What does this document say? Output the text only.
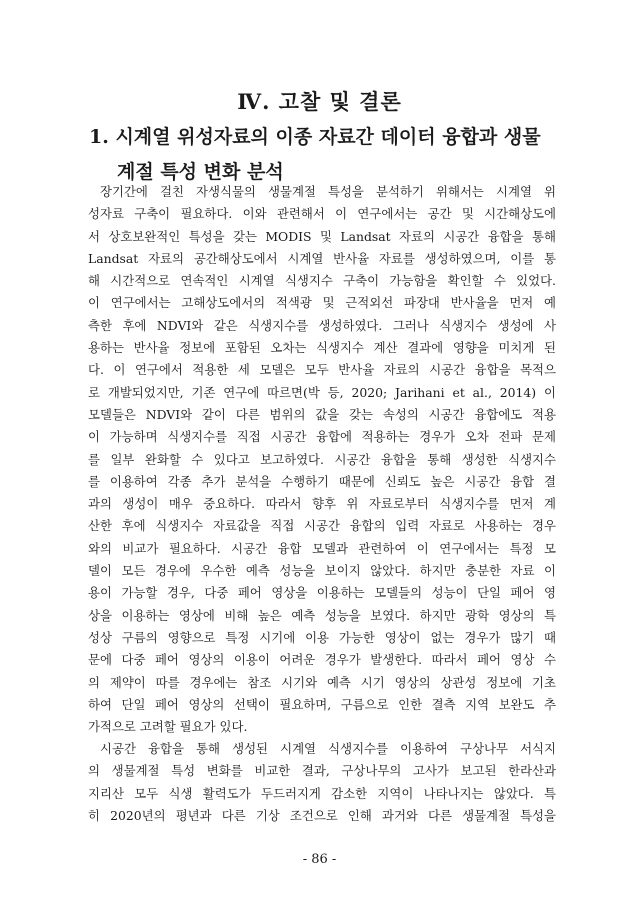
Ⅳ. 고찰 및 결론
1. 시계열 위성자료의 이종 자료간 데이터 융합과 생물
계절 특성 변화 분석

장기간에 걸친 자생식물의 생물계절 특성을 분석하기 위해서는 시계열 위
성자료 구축이 필요하다. 이와 관련해서 이 연구에서는 공간 및 시간해상도에
서 상호보완적인 특성을 갖는 MODIS 및 Landsat 자료의 시공간 융합을 통해
Landsat 자료의 공간해상도에서 시계열 반사율 자료를 생성하였으며, 이를 통
해 시간적으로 연속적인 시계열 식생지수 구축이 가능함을 확인할 수 있었다.
이 연구에서는 고해상도에서의 적색광 및 근적외선 파장대 반사율을 먼저 예
측한 후에 NDVI와 같은 식생지수를 생성하였다. 그러나 식생지수 생성에 사
용하는 반사율 정보에 포함된 오차는 식생지수 계산 결과에 영향을 미치게 된
다. 이 연구에서 적용한 세 모델은 모두 반사율 자료의 시공간 융합을 목적으
로 개발되었지만, 기존 연구에 따르면(박 등, 2020; Jarihani et al., 2014) 이
모델들은 NDVI와 같이 다른 범위의 값을 갖는 속성의 시공간 융합에도 적용
이 가능하며 식생지수를 직접 시공간 융합에 적용하는 경우가 오차 전파 문제
를 일부 완화할 수 있다고 보고하였다. 시공간 융합을 통해 생성한 식생지수
를 이용하여 각종 추가 분석을 수행하기 때문에 신뢰도 높은 시공간 융합 결
과의 생성이 매우 중요하다. 따라서 향후 위 자료로부터 식생지수를 먼저 계
산한 후에 식생지수 자료값을 직접 시공간 융합의 입력 자료로 사용하는 경우
와의 비교가 필요하다. 시공간 융합 모델과 관련하여 이 연구에서는 특정 모
델이 모든 경우에 우수한 예측 성능을 보이지 않았다. 하지만 충분한 자료 이
용이 가능할 경우, 다중 페어 영상을 이용하는 모델들의 성능이 단일 페어 영
상을 이용하는 영상에 비해 높은 예측 성능을 보였다. 하지만 광학 영상의 특
성상 구름의 영향으로 특정 시기에 이용 가능한 영상이 없는 경우가 많기 때
문에 다중 페어 영상의 이용이 어려운 경우가 발생한다. 따라서 페어 영상 수
의 제약이 따를 경우에는 참조 시기와 예측 시기 영상의 상관성 정보에 기초
하여 단일 페어 영상의 선택이 필요하며, 구름으로 인한 결측 지역 보완도 추
가적으로 고려할 필요가 있다.

시공간 융합을 통해 생성된 시계열 식생지수를 이용하여 구상나무 서식지
의 생물계절 특성 변화를 비교한 결과, 구상나무의 고사가 보고된 한라산과
지리산 모두 식생 활력도가 두드러지게 감소한 지역이 나타나지는 않았다. 특
히 2020년의 평년과 다른 기상 조건으로 인해 과거와 다른 생물계절 특성을

- 86 -
